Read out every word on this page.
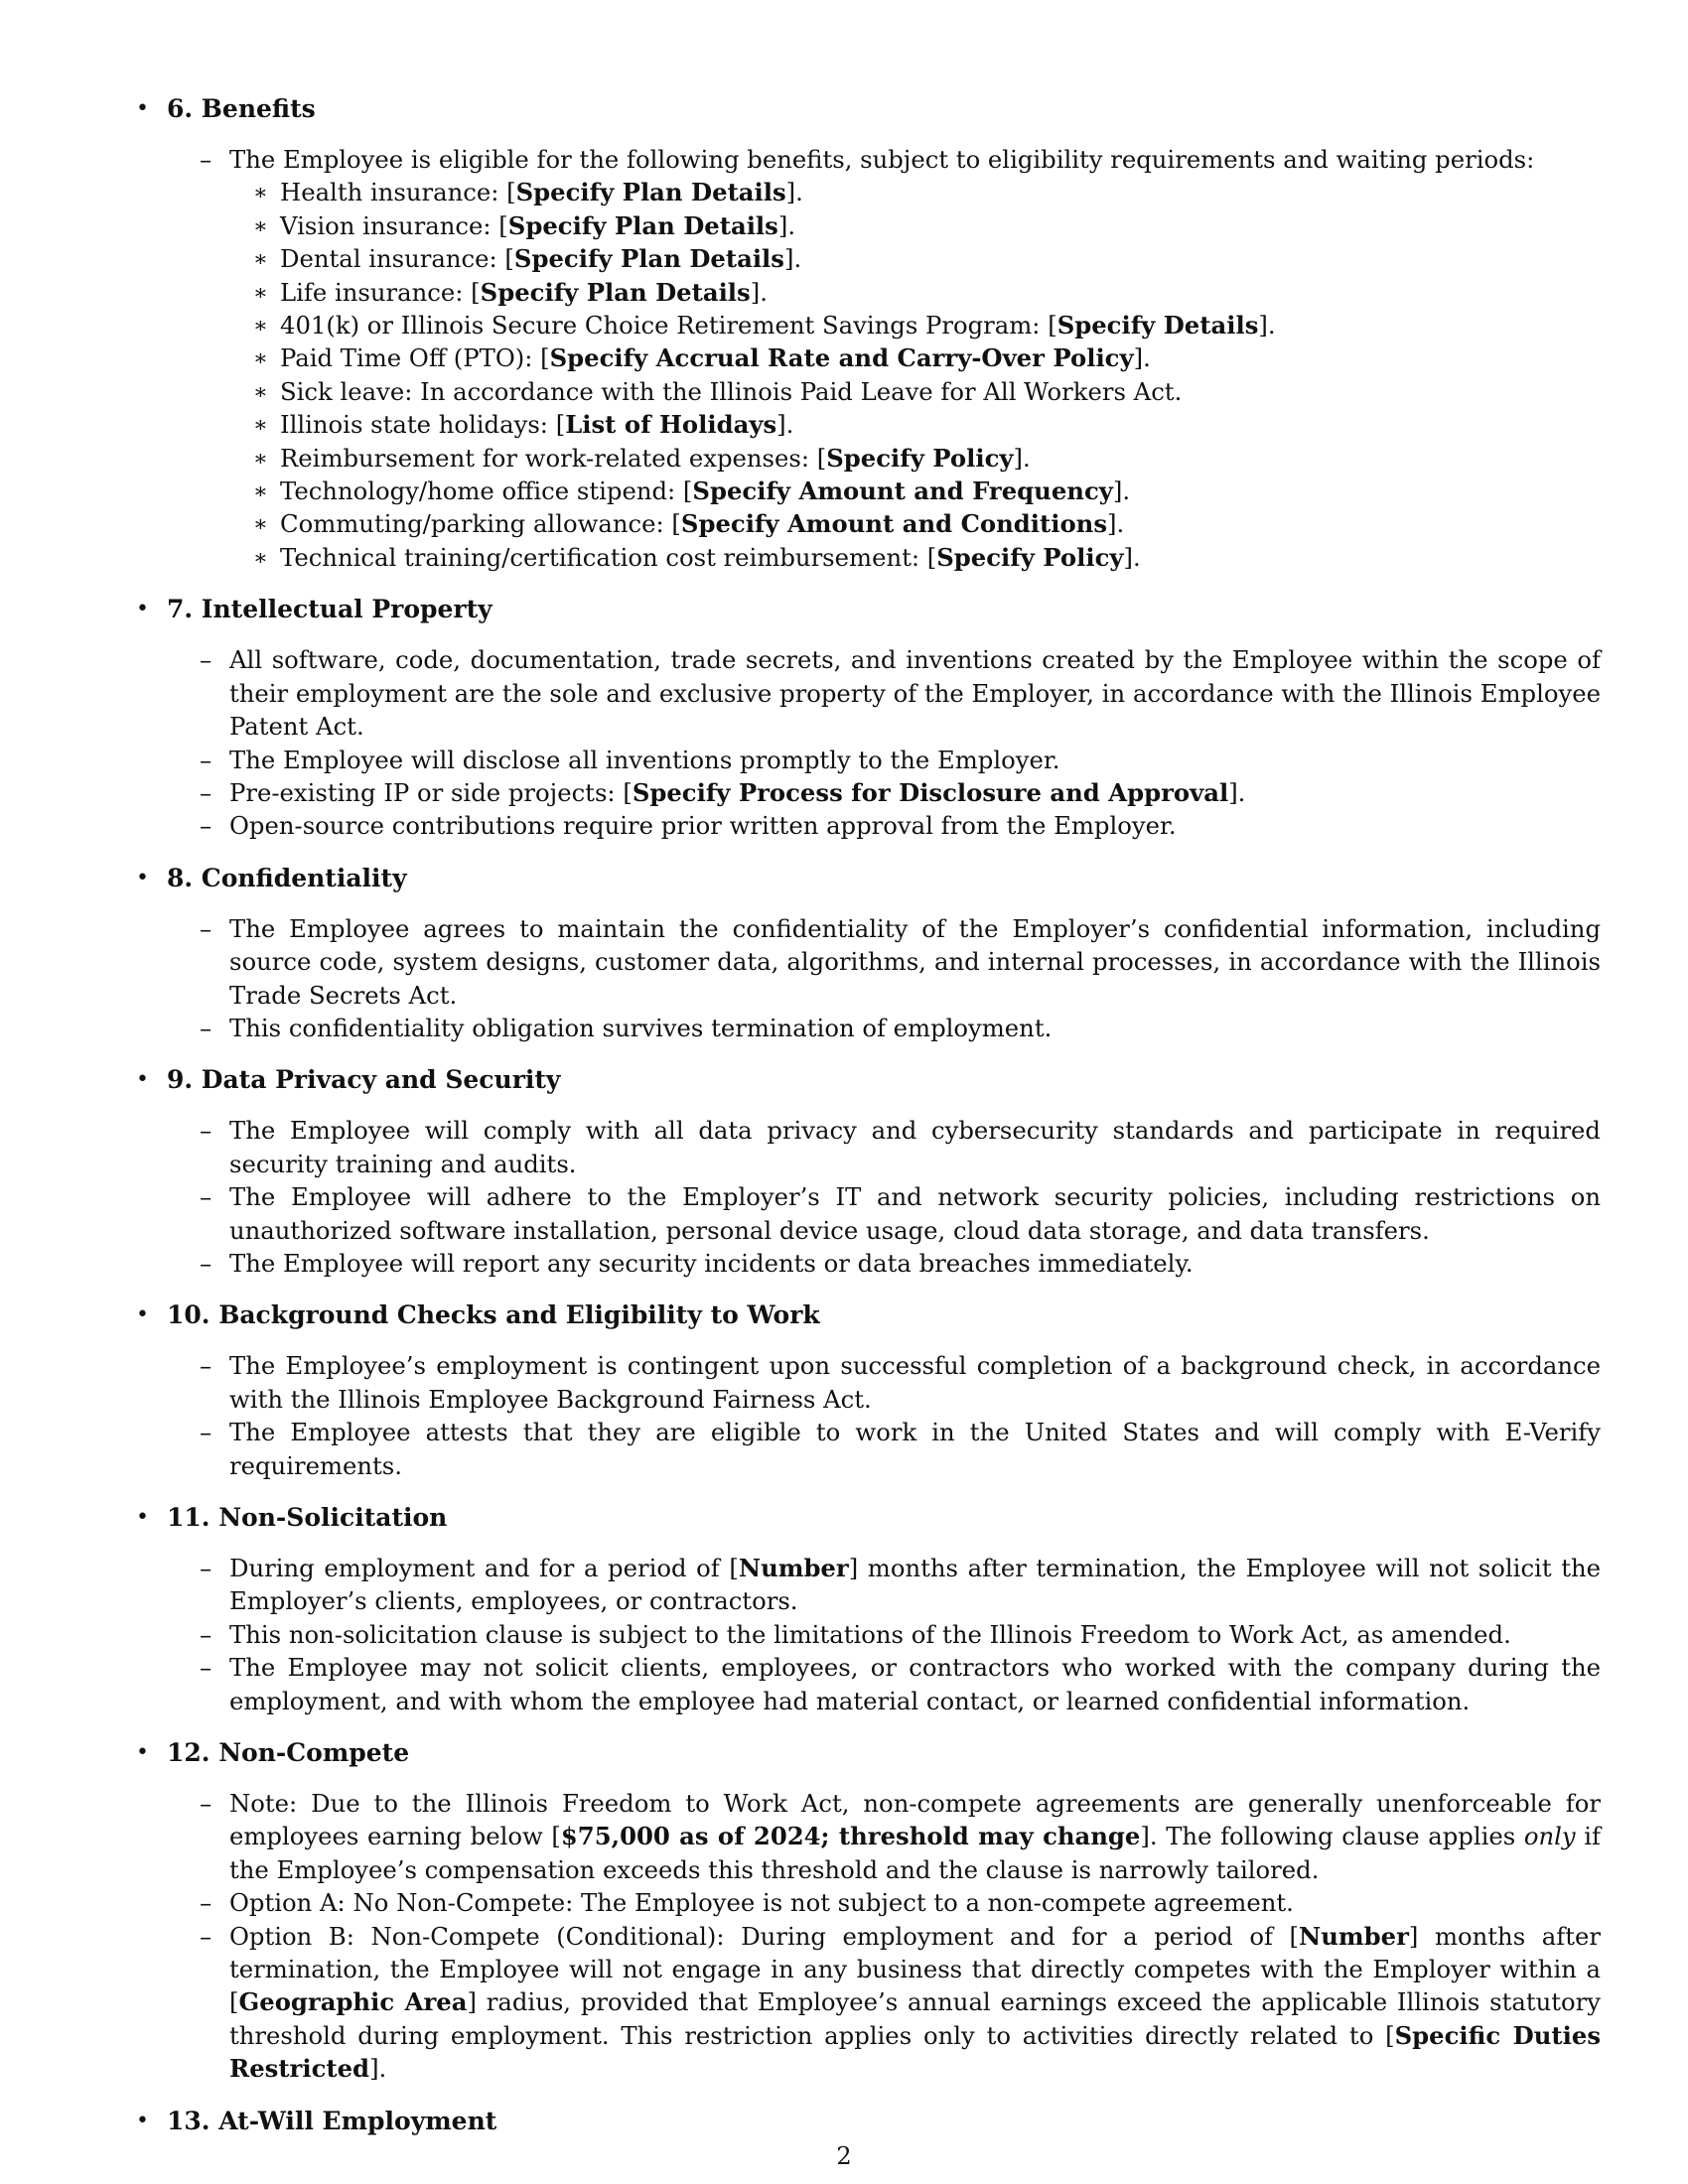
• 6. Benefits
– The Employee is eligible for the following benefits, subject to eligibility requirements and waiting periods:
∗ Health insurance: [Specify Plan Details].
∗ Vision insurance: [Specify Plan Details].
∗ Dental insurance: [Specify Plan Details].
∗ Life insurance: [Specify Plan Details].
∗ 401(k) or Illinois Secure Choice Retirement Savings Program: [Specify Details].
∗ Paid Time Off (PTO): [Specify Accrual Rate and Carry-Over Policy].
∗ Sick leave: In accordance with the Illinois Paid Leave for All Workers Act.
∗ Illinois state holidays: [List of Holidays].
∗ Reimbursement for work-related expenses: [Specify Policy].
∗ Technology/home office stipend: [Specify Amount and Frequency].
∗ Commuting/parking allowance: [Specify Amount and Conditions].
∗ Technical training/certification cost reimbursement: [Specify Policy].
• 7. Intellectual Property
– All software, code, documentation, trade secrets, and inventions created by the Employee within the scope of their employment are the sole and exclusive property of the Employer, in accordance with the Illinois Employee Patent Act.
– The Employee will disclose all inventions promptly to the Employer.
– Pre-existing IP or side projects: [Specify Process for Disclosure and Approval].
– Open-source contributions require prior written approval from the Employer.
• 8. Confidentiality
– The Employee agrees to maintain the confidentiality of the Employer’s confidential information, including source code, system designs, customer data, algorithms, and internal processes, in accordance with the Illinois Trade Secrets Act.
– This confidentiality obligation survives termination of employment.
• 9. Data Privacy and Security
– The Employee will comply with all data privacy and cybersecurity standards and participate in required security training and audits.
– The Employee will adhere to the Employer’s IT and network security policies, including restrictions on unauthorized software installation, personal device usage, cloud data storage, and data transfers.
– The Employee will report any security incidents or data breaches immediately.
• 10. Background Checks and Eligibility to Work
– The Employee’s employment is contingent upon successful completion of a background check, in accordance with the Illinois Employee Background Fairness Act.
– The Employee attests that they are eligible to work in the United States and will comply with E-Verify requirements.
• 11. Non-Solicitation
– During employment and for a period of [Number] months after termination, the Employee will not solicit the Employer’s clients, employees, or contractors.
– This non-solicitation clause is subject to the limitations of the Illinois Freedom to Work Act, as amended.
– The Employee may not solicit clients, employees, or contractors who worked with the company during the employment, and with whom the employee had material contact, or learned confidential information.
• 12. Non-Compete
– Note: Due to the Illinois Freedom to Work Act, non-compete agreements are generally unenforceable for employees earning below [$75,000 as of 2024; threshold may change]. The following clause applies only if the Employee’s compensation exceeds this threshold and the clause is narrowly tailored.
– Option A: No Non-Compete: The Employee is not subject to a non-compete agreement.
– Option B: Non-Compete (Conditional): During employment and for a period of [Number] months after termination, the Employee will not engage in any business that directly competes with the Employer within a [Geographic Area] radius, provided that Employee’s annual earnings exceed the applicable Illinois statutory threshold during employment. This restriction applies only to activities directly related to [Specific Duties Restricted].
• 13. At-Will Employment
2
